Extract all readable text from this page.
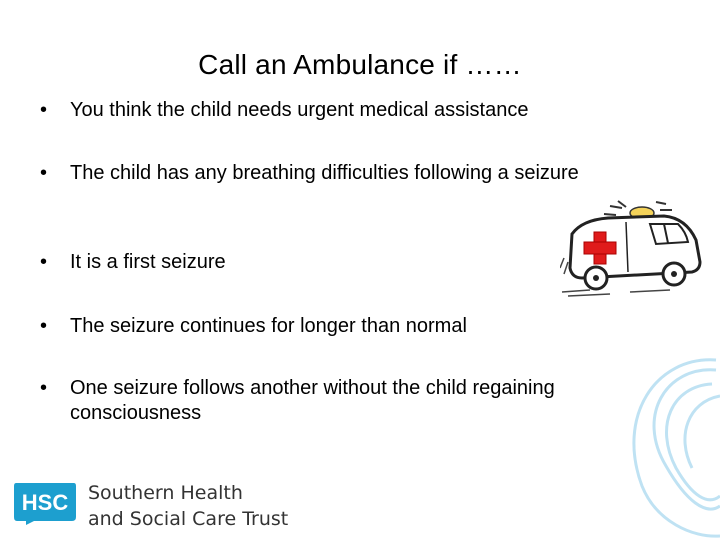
Call an Ambulance if ……
•	You think the child needs urgent medical assistance
•	The child has any breathing difficulties following a seizure
•	It is a first seizure
•	The seizure continues for longer than normal
•	One seizure follows another without the child regaining consciousness
HSC Southern Health
and Social Care Trust
